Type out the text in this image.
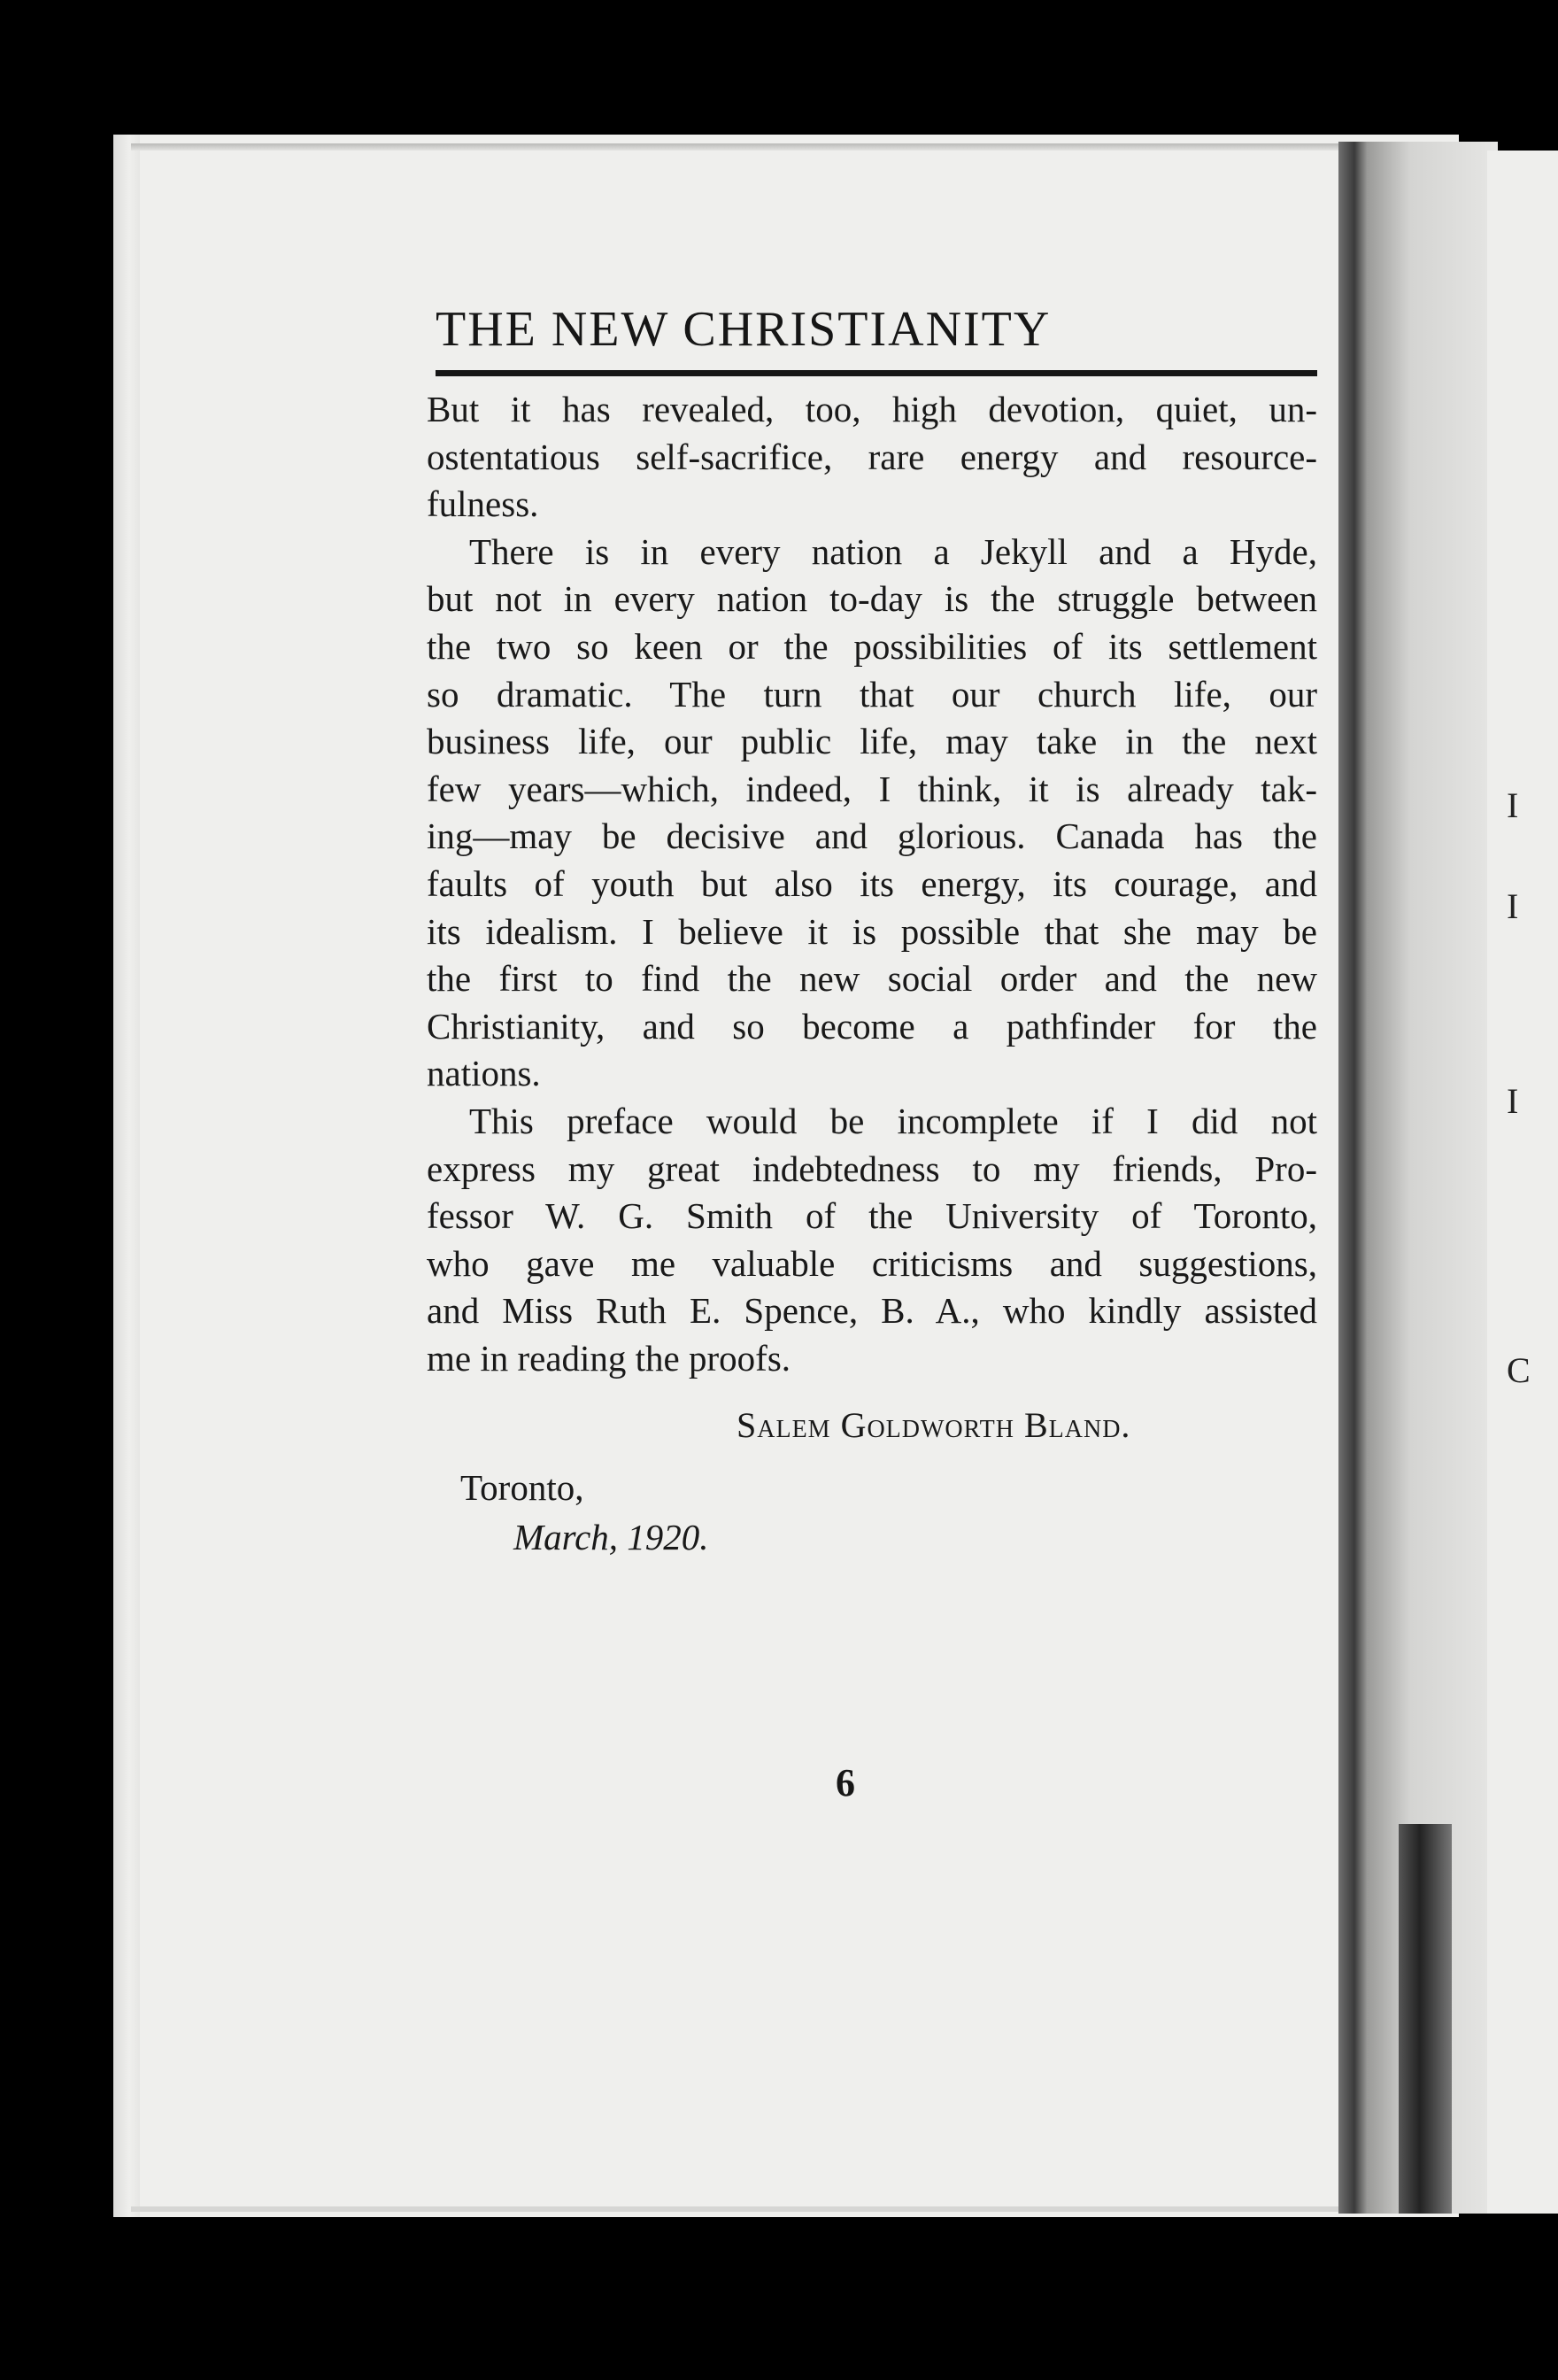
I
I
I
C
THE NEW CHRISTIANITY

But it has revealed, too, high devotion, quiet, un-
ostentatious self-sacrifice, rare energy and resource-
fulness.

There is in every nation a Jekyll and a Hyde,
but not in every nation to-day is the struggle between
the two so keen or the possibilities of its settlement
so dramatic. The turn that our church life, our
business life, our public life, may take in the next
few years—which, indeed, I think, it is already tak-
ing—may be decisive and glorious. Canada has the
faults of youth but also its energy, its courage, and
its idealism. I believe it is possible that she may be
the first to find the new social order and the new
Christianity, and so become a pathfinder for the
nations.

This preface would be incomplete if I did not
express my great indebtedness to my friends, Pro-
fessor W. G. Smith of the University of Toronto,
who gave me valuable criticisms and suggestions,
and Miss Ruth E. Spence, B. A., who kindly assisted
me in reading the proofs.

Salem Goldworth Bland.
Toronto,
March, 1920.
6
